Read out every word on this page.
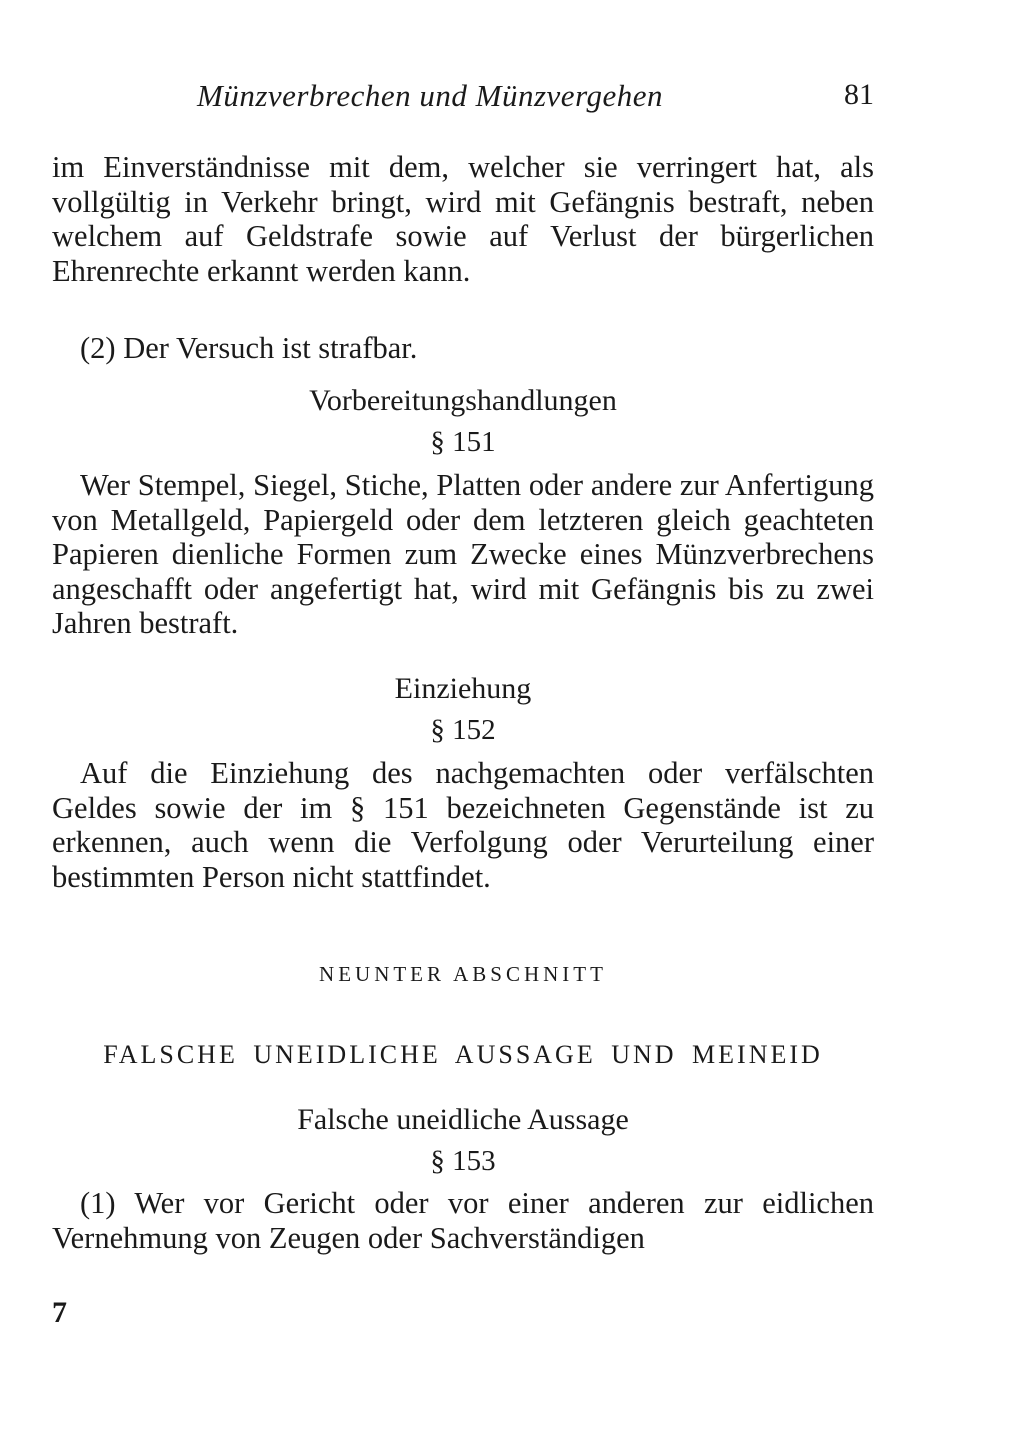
Münzverbrechen und Münzvergehen	81

im Einverständnisse mit dem, welcher sie verringert hat, als vollgültig in Verkehr bringt, wird mit Gefängnis bestraft, neben welchem auf Geldstrafe sowie auf Verlust der bürgerlichen Ehrenrechte erkannt werden kann.

(2) Der Versuch ist strafbar.

Vorbereitungshandlungen
§ 151

Wer Stempel, Siegel, Stiche, Platten oder andere zur Anfertigung von Metallgeld, Papiergeld oder dem letzteren gleich geachteten Papieren dienliche Formen zum Zwecke eines Münzverbrechens angeschafft oder angefertigt hat, wird mit Gefängnis bis zu zwei Jahren bestraft.

Einziehung
§ 152

Auf die Einziehung des nachgemachten oder verfälschten Geldes sowie der im § 151 bezeichneten Gegenstände ist zu erkennen, auch wenn die Verfolgung oder Verurteilung einer bestimmten Person nicht stattfindet.

NEUNTER ABSCHNITT
FALSCHE UNEIDLICHE AUSSAGE UND MEINEID
Falsche uneidliche Aussage
§ 153

(1) Wer vor Gericht oder vor einer anderen zur eidlichen Vernehmung von Zeugen oder Sachverständigen

7
